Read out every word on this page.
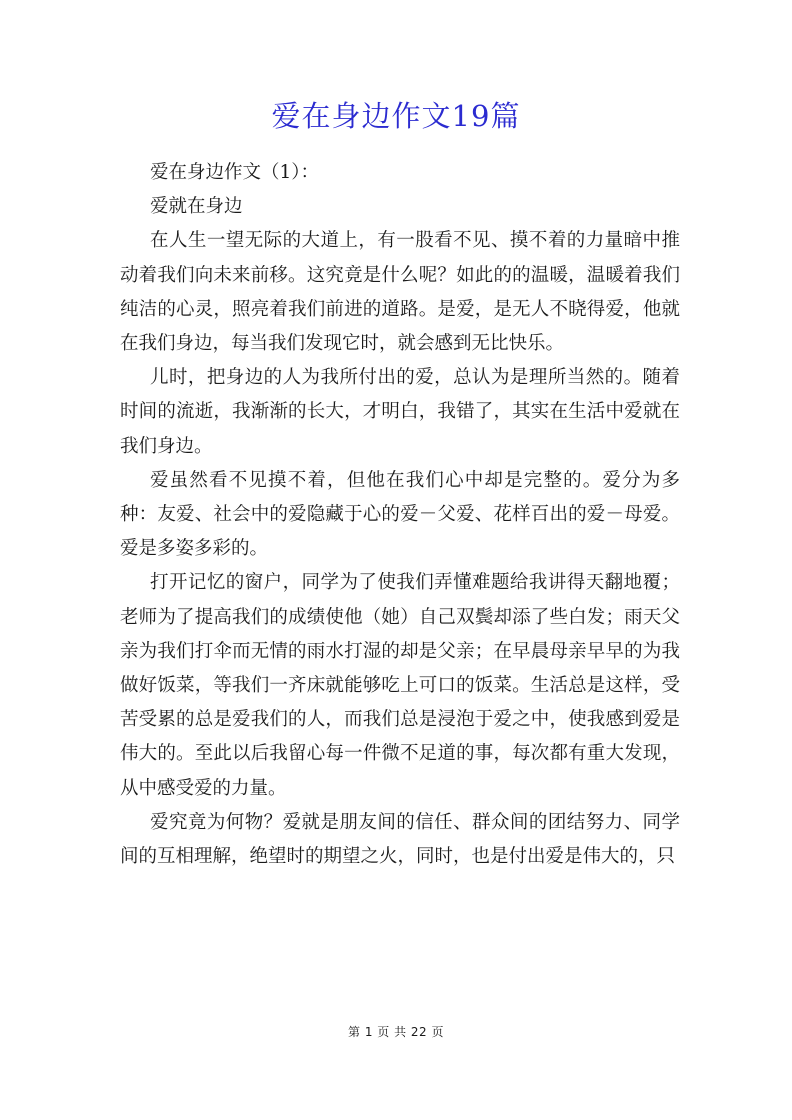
爱在身边作文19篇

爱在身边作文（1）：

爱就在身边

在人生一望无际的大道上，有一股看不见、摸不着的力量暗中推动着我们向未来前移。这究竟是什么呢？如此的的温暖，温暖着我们纯洁的心灵，照亮着我们前进的道路。是爱，是无人不晓得爱，他就在我们身边，每当我们发现它时，就会感到无比快乐。

儿时，把身边的人为我所付出的爱，总认为是理所当然的。随着时间的流逝，我渐渐的长大，才明白，我错了，其实在生活中爱就在我们身边。

爱虽然看不见摸不着，但他在我们心中却是完整的。爱分为多种：友爱、社会中的爱隐藏于心的爱－父爱、花样百出的爱－母爱。爱是多姿多彩的。

打开记忆的窗户，同学为了使我们弄懂难题给我讲得天翻地覆；老师为了提高我们的成绩使他（她）自己双鬓却添了些白发；雨天父亲为我们打伞而无情的雨水打湿的却是父亲；在早晨母亲早早的为我做好饭菜，等我们一齐床就能够吃上可口的饭菜。生活总是这样，受苦受累的总是爱我们的人，而我们总是浸泡于爱之中，使我感到爱是伟大的。至此以后我留心每一件微不足道的事，每次都有重大发现，从中感受爱的力量。

爱究竟为何物？爱就是朋友间的信任、群众间的团结努力、同学间的互相理解，绝望时的期望之火，同时，也是付出爱是伟大的，只

第 1 页 共 22 页
